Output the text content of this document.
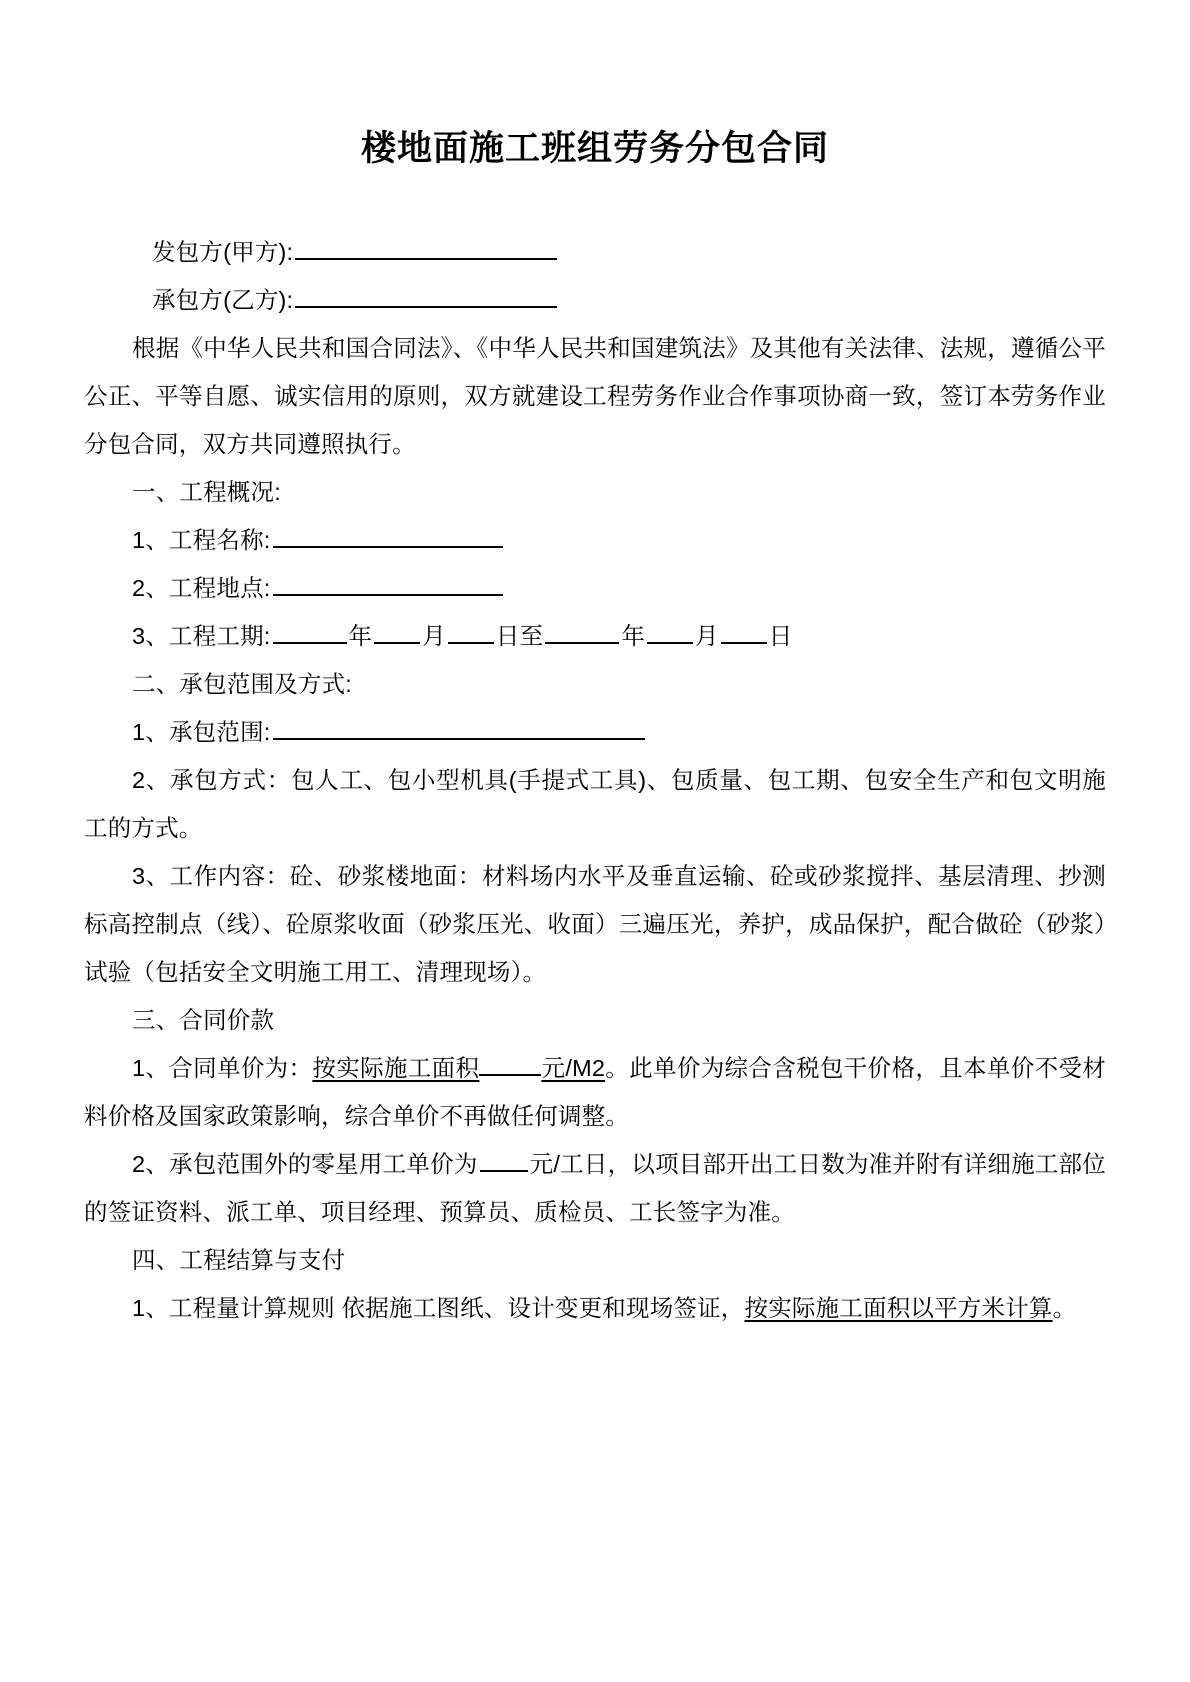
楼地面施工班组劳务分包合同

发包方(甲方):

承包方(乙方):

根据《中华人民共和国合同法》、《中华人民共和国建筑法》及其他有关法律、法规，遵循公平公正、平等自愿、诚实信用的原则，双方就建设工程劳务作业合作事项协商一致，签订本劳务作业分包合同，双方共同遵照执行。

一、工程概况:

1、工程名称:

2、工程地点:

3、工程工期:	年 月 日至	年 月 日

二、承包范围及方式:

1、承包范围:

2、承包方式：包人工、包小型机具(手提式工具)、包质量、包工期、包安全生产和包文明施工的方式。

3、工作内容：砼、砂浆楼地面：材料场内水平及垂直运输、砼或砂浆搅拌、基层清理、抄测标高控制点（线）、砼原浆收面（砂浆压光、收面）三遍压光，养护，成品保护，配合做砼（砂浆）试验（包括安全文明施工用工、清理现场）。

三、合同价款

1、合同单价为：按实际施工面积	元/M2。此单价为综合含税包干价格，且本单价不受材料价格及国家政策影响，综合单价不再做任何调整。

2、承包范围外的零星用工单价为 元/工日，以项目部开出工日数为准并附有详细施工部位的签证资料、派工单、项目经理、预算员、质检员、工长签字为准。

四、工程结算与支付

1、工程量计算规则 依据施工图纸、设计变更和现场签证，按实际施工面积以平方米计算。
